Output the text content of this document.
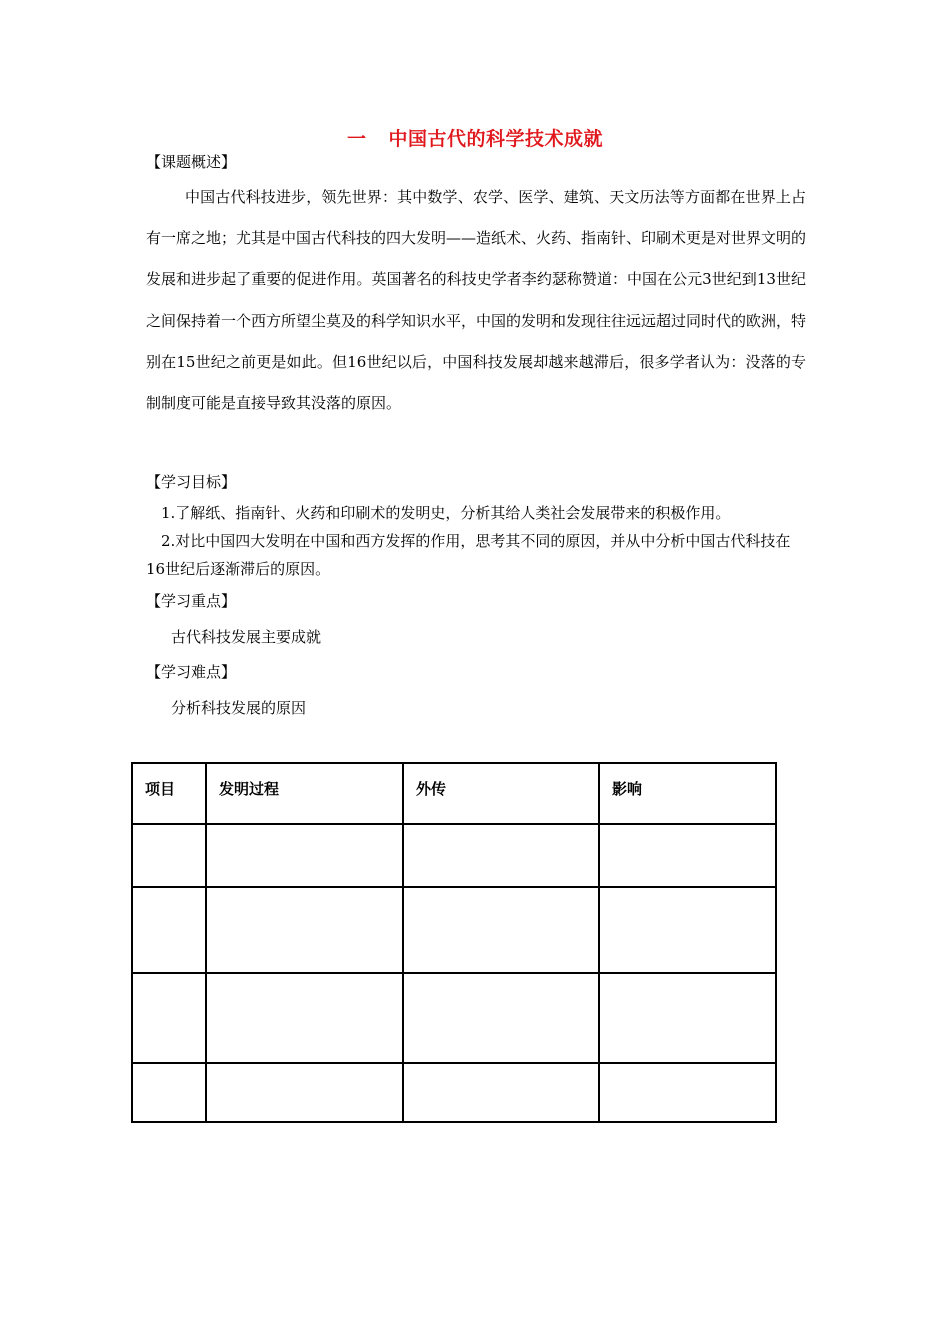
一 中国古代的科学技术成就
【课题概述】
中国古代科技进步，领先世界：其中数学、农学、医学、建筑、天文历法等方面都在世界上占有一席之地；尤其是中国古代科技的四大发明——造纸术、火药、指南针、印刷术更是对世界文明的发展和进步起了重要的促进作用。英国著名的科技史学者李约瑟称赞道：中国在公元3世纪到13世纪之间保持着一个西方所望尘莫及的科学知识水平，中国的发明和发现往往远远超过同时代的欧洲，特别在15世纪之前更是如此。但16世纪以后，中国科技发展却越来越滞后，很多学者认为：没落的专制制度可能是直接导致其没落的原因。
【学习目标】
1.了解纸、指南针、火药和印刷术的发明史，分析其给人类社会发展带来的积极作用。
2.对比中国四大发明在中国和西方发挥的作用，思考其不同的原因，并从中分析中国古代科技在16世纪后逐渐滞后的原因。
【学习重点】
古代科技发展主要成就
【学习难点】
分析科技发展的原因
项目	发明过程	外传	影响
